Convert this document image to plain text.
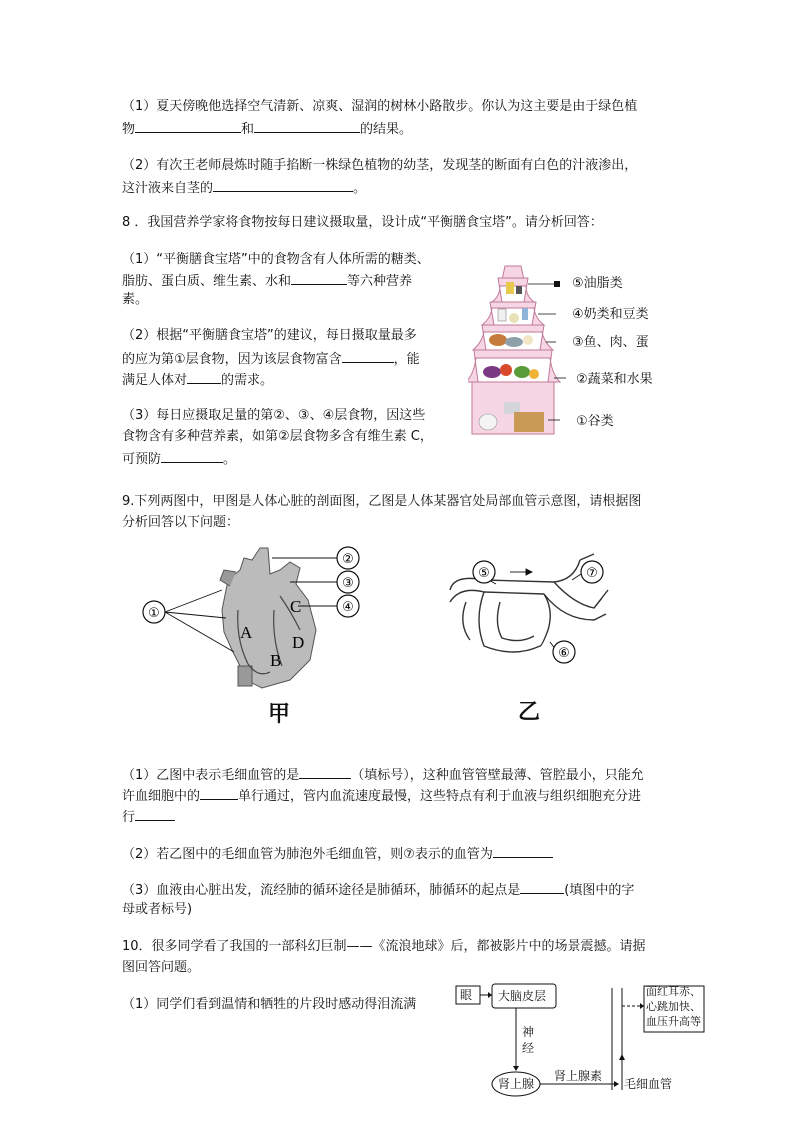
（1）夏天傍晚他选择空气清新、凉爽、湿润的树林小路散步。你认为这主要是由于绿色植
物	和	的结果。
（2）有次王老师晨炼时随手掐断一株绿色植物的幼茎，发现茎的断面有白色的汁液渗出，
这汁液来自茎的	。
8 ．我国营养学家将食物按每日建议摄取量，设计成“平衡膳食宝塔”。请分析回答：
（1）“平衡膳食宝塔”中的食物含有人体所需的糖类、
脂肪、蛋白质、维生素、水和	等六种营养
素。
（2）根据“平衡膳食宝塔”的建议，每日摄取量最多
的应为第①层食物，因为该层食物富含	，能
满足人体对	的需求。
（3）每日应摄取足量的第②、③、④层食物，因这些
食物含有多种营养素，如第②层食物多含有维生素 C，
可预防	。
⑤油脂类
④奶类和豆类
③鱼、肉、蛋
②蔬菜和水果
①谷类
9.下列两图中，甲图是人体心脏的剖面图，乙图是人体某器官处局部血管示意图，请根据图
分析回答以下问题：
①
②
③
④
A
B
C
D
甲
⑤	⑦
⑥
乙
（1）乙图中表示毛细血管的是	（填标号），这种血管管壁最薄、管腔最小，只能允
许血细胞中的	单行通过，管内血流速度最慢，这些特点有利于血液与组织细胞充分进
行
（2）若乙图中的毛细血管为肺泡外毛细血管，则⑦表示的血管为
（3）血液由心脏出发，流经肺的循环途径是肺循环，肺循环的起点是	(填图中的字
母或者标号)
10．很多同学看了我国的一部科幻巨制——《流浪地球》后，都被影片中的场景震撼。请据
图回答问题。
（1）同学们看到温情和牺牲的片段时感动得泪流满
眼 大脑皮层
神经
肾上腺
肾上腺素
毛细血管
面红耳赤、
心跳加快、
血压升高等
